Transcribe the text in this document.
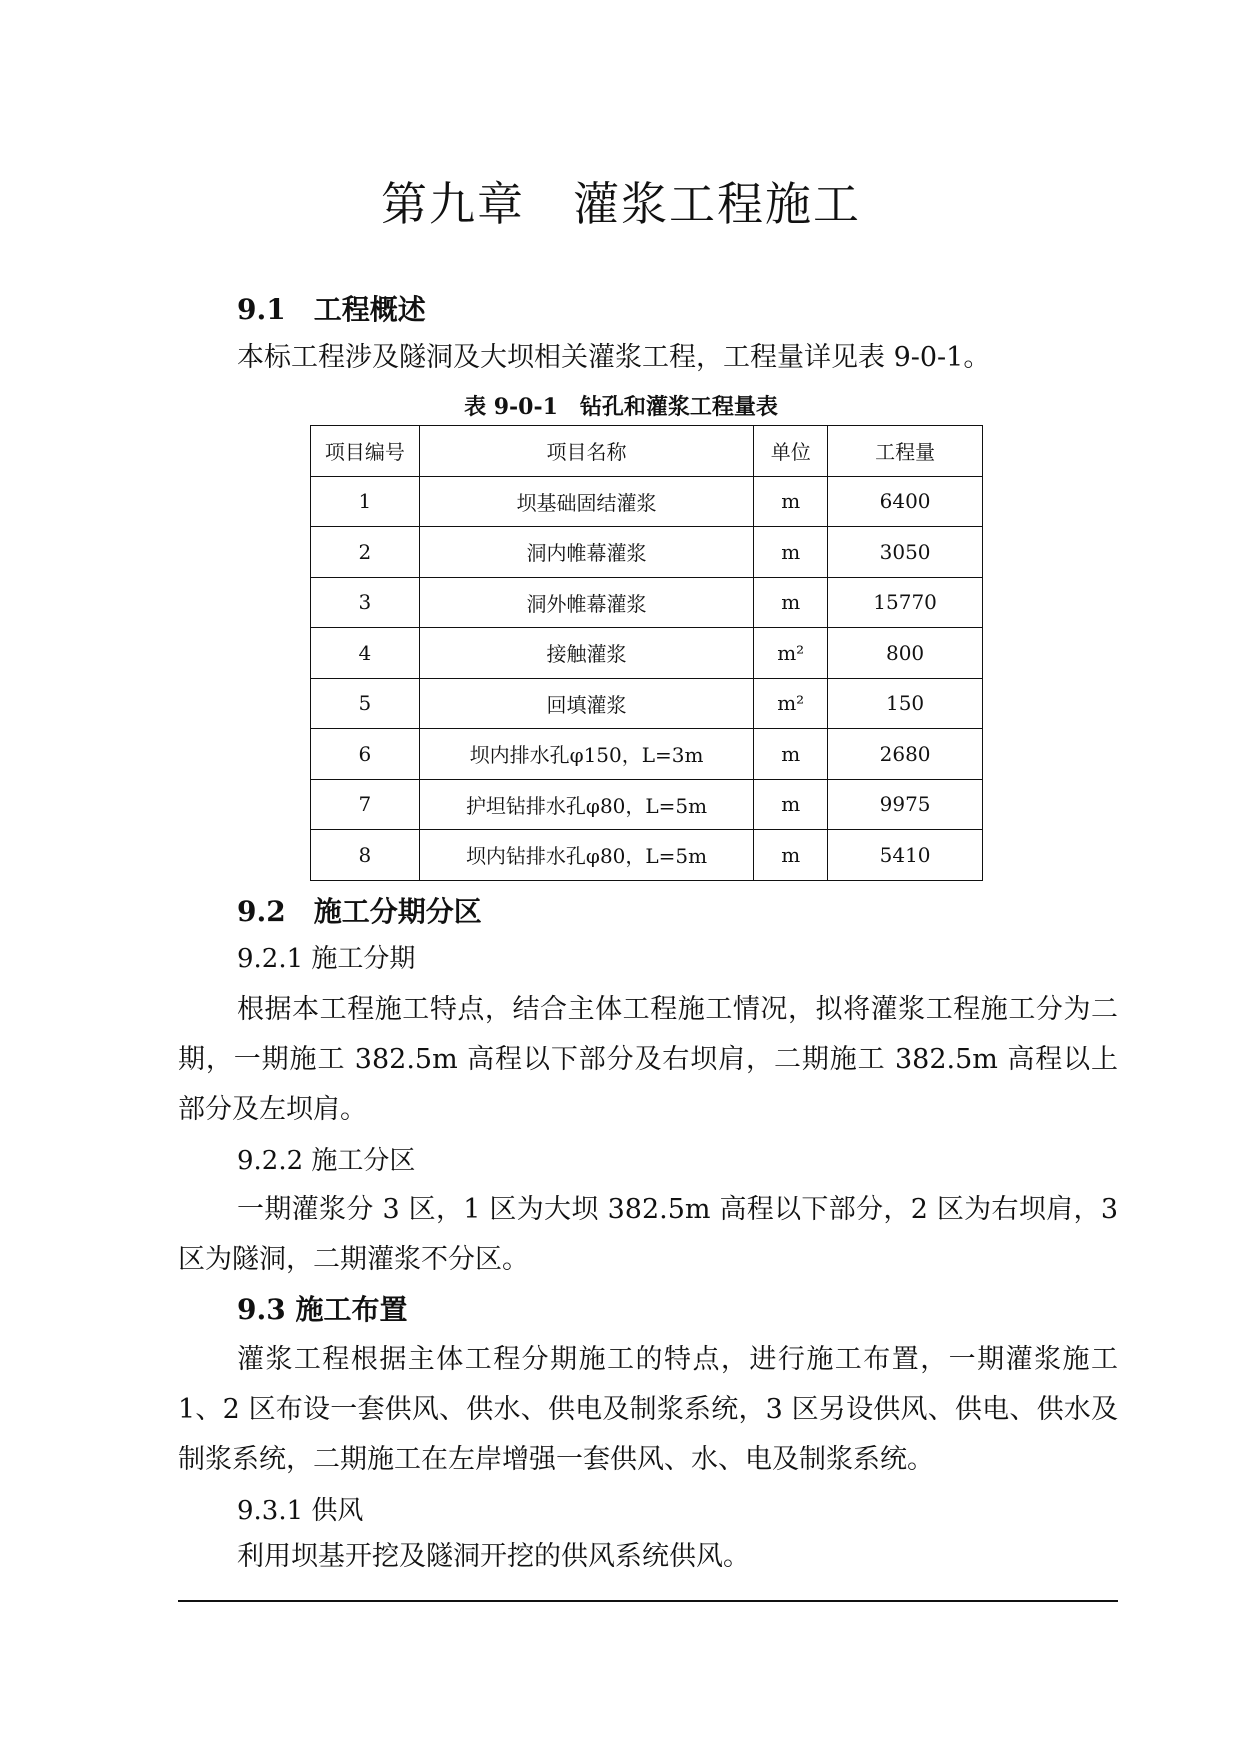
第九章　灌浆工程施工
9.1　工程概述
本标工程涉及隧洞及大坝相关灌浆工程，工程量详见表 9-0-1。
表 9-0-1　钻孔和灌浆工程量表
项目编号	项目名称	单位	工程量
1	坝基础固结灌浆	m	6400
2	洞内帷幕灌浆	m	3050
3	洞外帷幕灌浆	m	15770
4	接触灌浆	m²	800
5	回填灌浆	m²	150
6	坝内排水孔φ150，L=3m	m	2680
7	护坦钻排水孔φ80，L=5m	m	9975
8	坝内钻排水孔φ80，L=5m	m	5410
9.2　施工分期分区
9.2.1 施工分期
根据本工程施工特点，结合主体工程施工情况，拟将灌浆工程施工分为二期，一期施工 382.5m 高程以下部分及右坝肩，二期施工 382.5m 高程以上部分及左坝肩。
9.2.2 施工分区
一期灌浆分 3 区，1 区为大坝 382.5m 高程以下部分，2 区为右坝肩，3 区为隧洞，二期灌浆不分区。
9.3 施工布置
灌浆工程根据主体工程分期施工的特点，进行施工布置，一期灌浆施工 1、2 区布设一套供风、供水、供电及制浆系统，3 区另设供风、供电、供水及制浆系统，二期施工在左岸增强一套供风、水、电及制浆系统。
9.3.1 供风
利用坝基开挖及隧洞开挖的供风系统供风。
